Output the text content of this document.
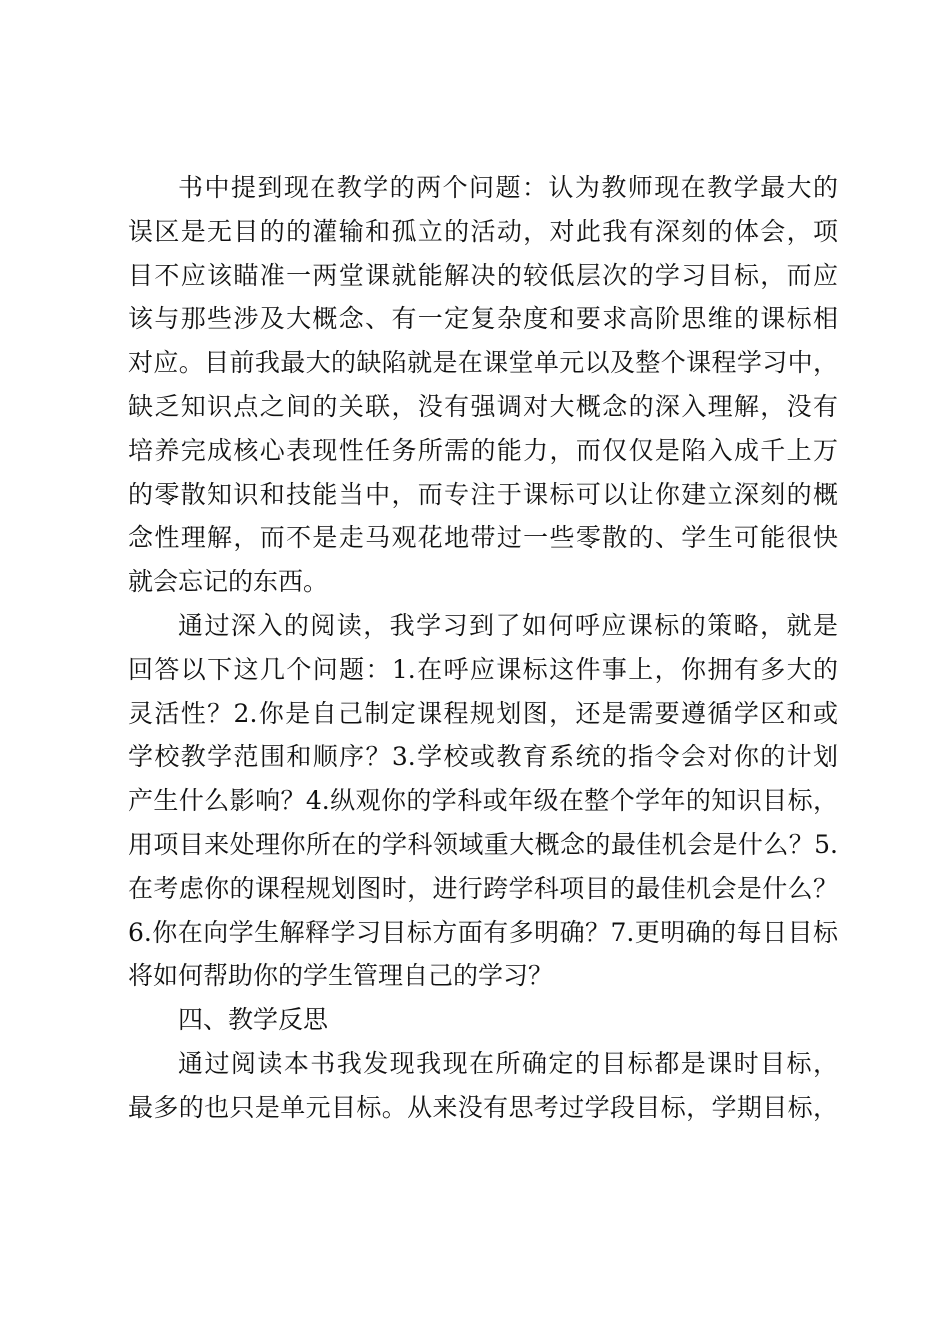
书中提到现在教学的两个问题：认为教师现在教学最大的
误区是无目的的灌输和孤立的活动，对此我有深刻的体会，项
目不应该瞄准一两堂课就能解决的较低层次的学习目标，而应
该与那些涉及大概念、有一定复杂度和要求高阶思维的课标相
对应。目前我最大的缺陷就是在课堂单元以及整个课程学习中，
缺乏知识点之间的关联，没有强调对大概念的深入理解，没有
培养完成核心表现性任务所需的能力，而仅仅是陷入成千上万
的零散知识和技能当中，而专注于课标可以让你建立深刻的概
念性理解，而不是走马观花地带过一些零散的、学生可能很快
就会忘记的东西。
通过深入的阅读，我学习到了如何呼应课标的策略，就是
回答以下这几个问题：1.在呼应课标这件事上，你拥有多大的
灵活性？2.你是自己制定课程规划图，还是需要遵循学区和或
学校教学范围和顺序？3.学校或教育系统的指令会对你的计划
产生什么影响？4.纵观你的学科或年级在整个学年的知识目标，
用项目来处理你所在的学科领域重大概念的最佳机会是什么？5.
在考虑你的课程规划图时，进行跨学科项目的最佳机会是什么？
6.你在向学生解释学习目标方面有多明确？7.更明确的每日目标
将如何帮助你的学生管理自己的学习？
四、教学反思
通过阅读本书我发现我现在所确定的目标都是课时目标，
最多的也只是单元目标。从来没有思考过学段目标，学期目标，
